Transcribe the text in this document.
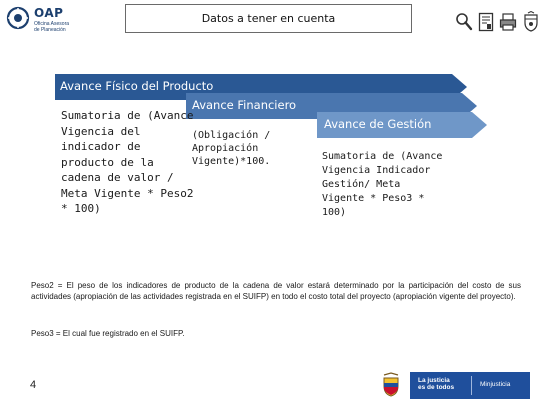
OAP
Oficina Asesora de Planeación
Datos a tener en cuenta
Avance Físico del Producto
Avance Financiero
Avance de Gestión
Sumatoria de (Avance
Vigencia del
indicador de
producto de la
cadena de valor /
Meta Vigente * Peso2
* 100)
(Obligación /
Apropiación
Vigente)*100.	Sumatoria de (Avance
Vigencia Indicador
Gestión/ Meta
Vigente * Peso3 *
100)

Peso2 = El peso de los indicadores de producto de la cadena de valor estará determinado por la participación del costo de sus actividades (apropiación de las actividades registrada en el SUIFP) en todo el costo total del proyecto (apropiación vigente del proyecto).

Peso3 = El cual fue registrado en el SUIFP.

4	La justicia
es de todos	Minjusticia
